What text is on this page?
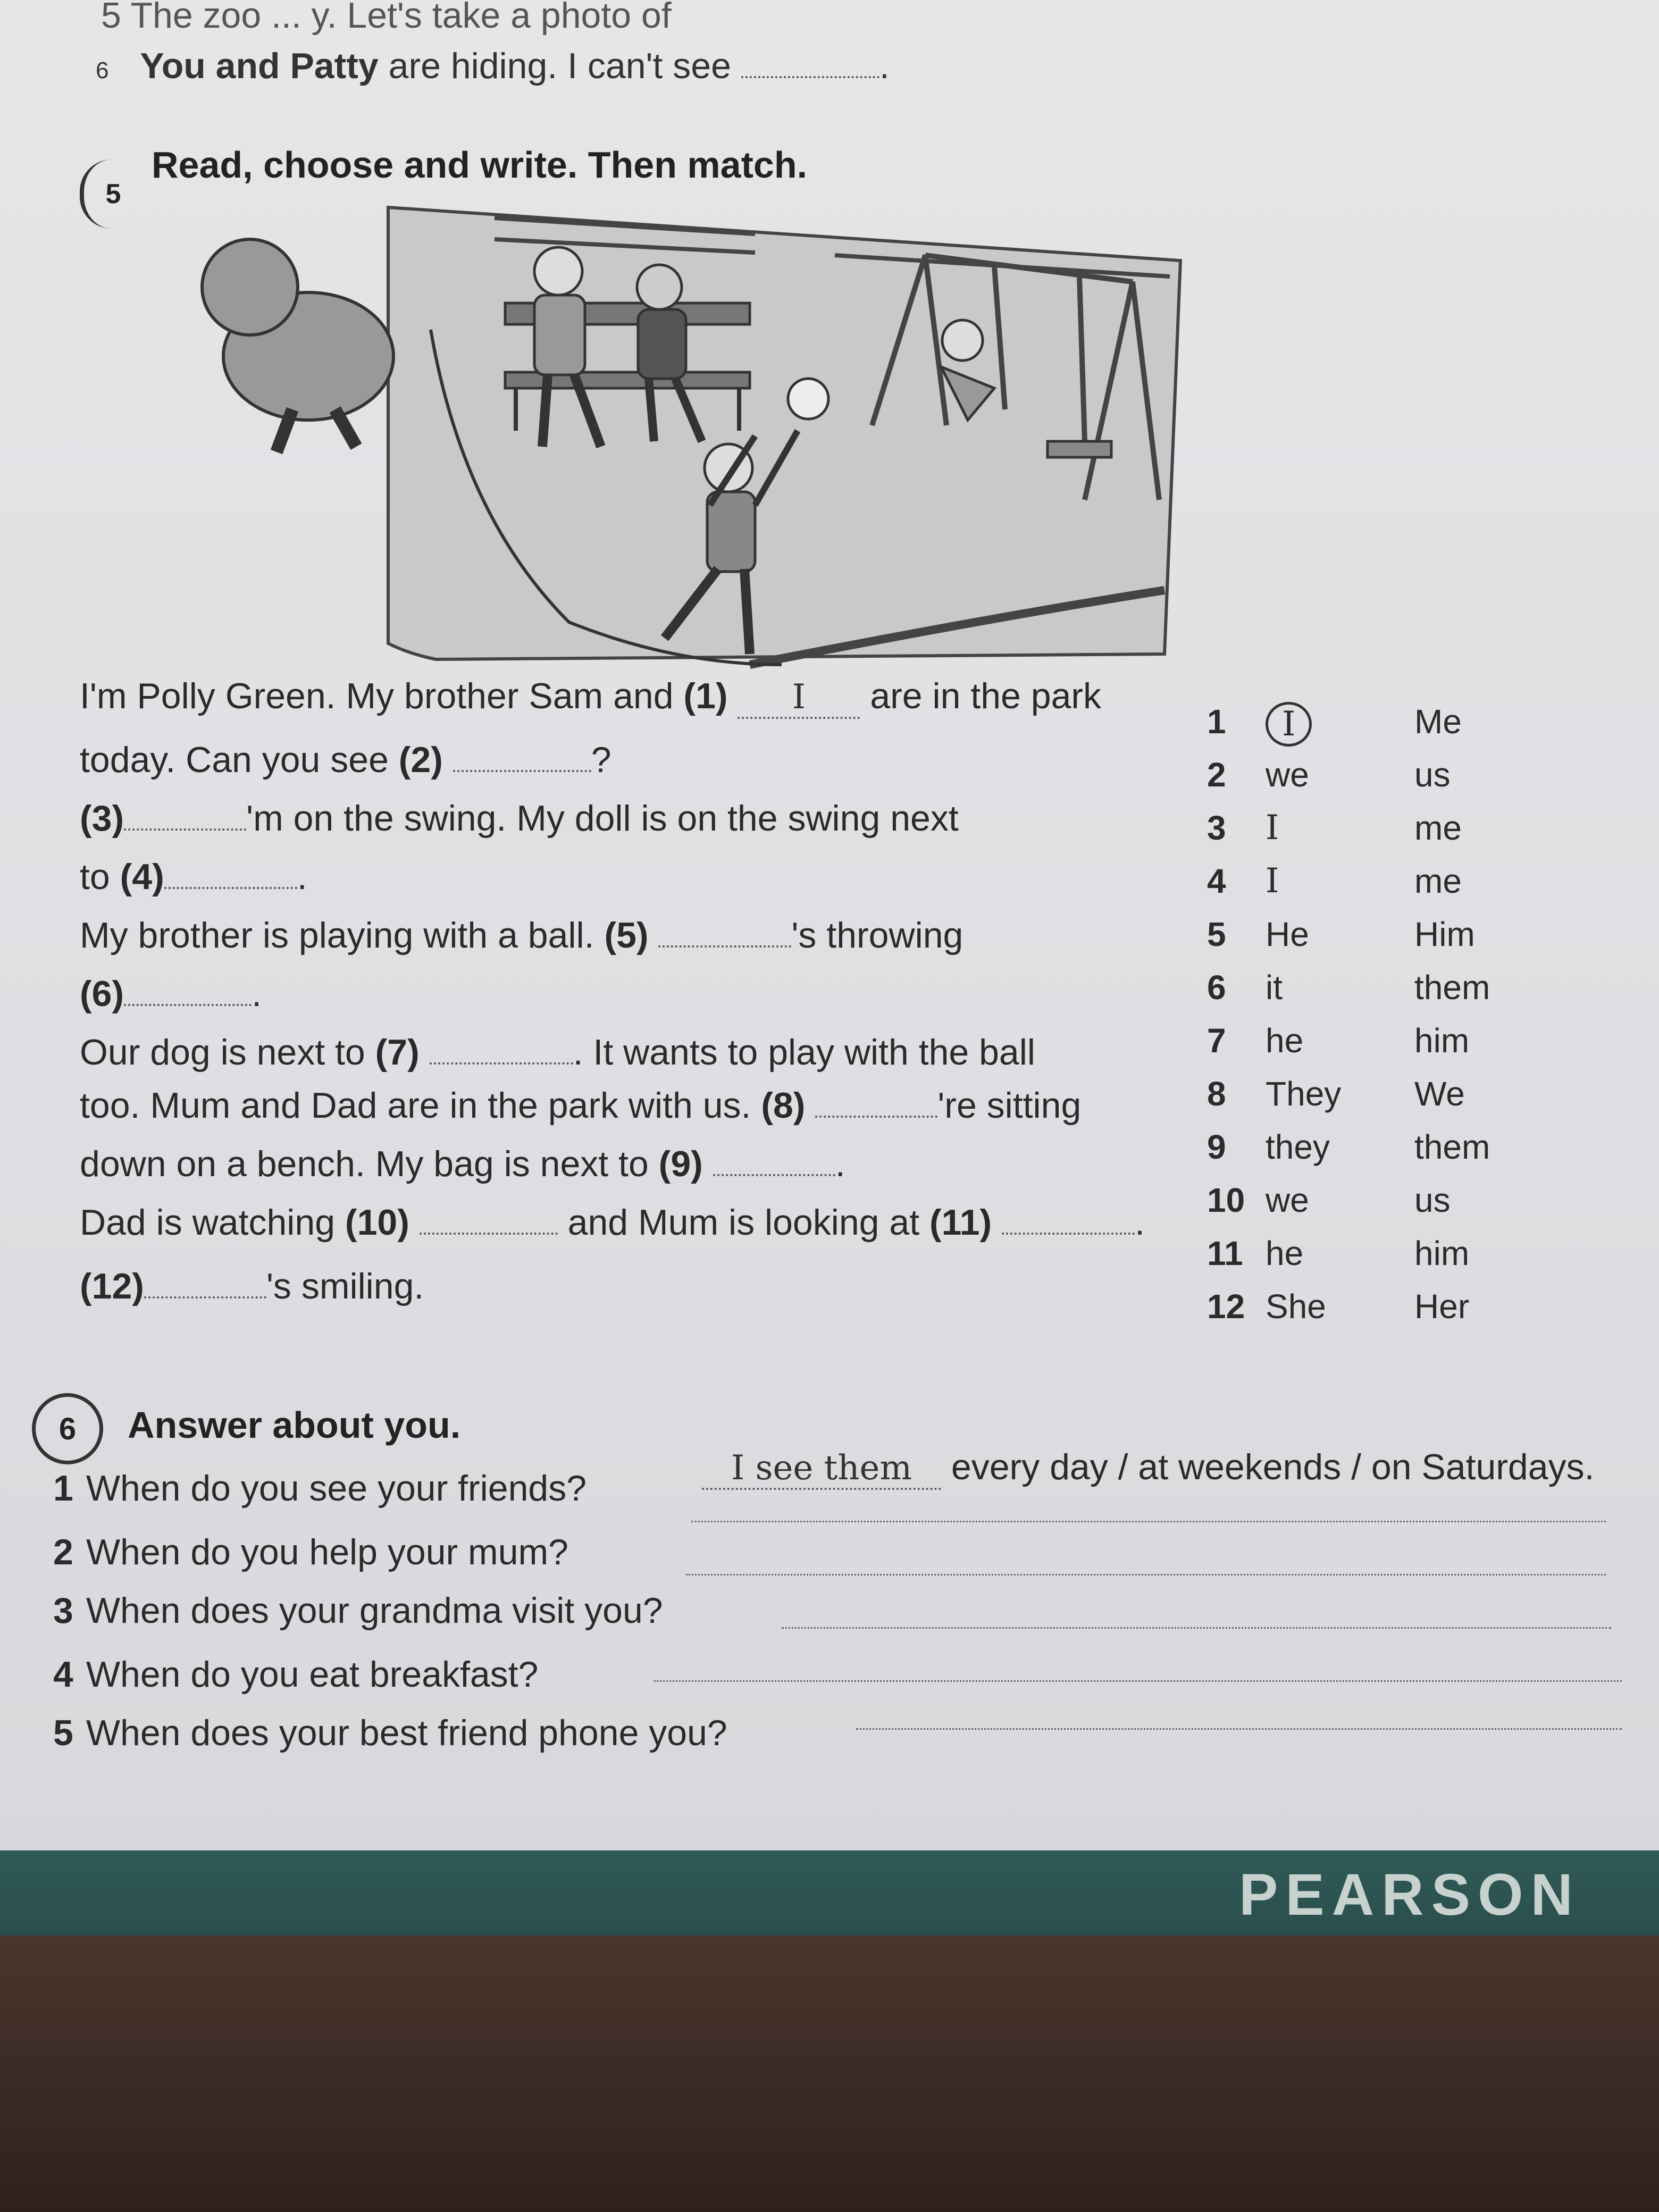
5 The zoo ... y. Let's take a photo of
6 You and Patty are hiding. I can't see	.
5
Read, choose and write. Then match.
I'm Polly Green. My brother Sam and (1) I are in the park
today. Can you see (2)	?
(3)	'm on the swing. My doll is on the swing next
to (4)	.
My brother is playing with a ball. (5)	's throwing
(6)	.
Our dog is next to (7)	. It wants to play with the ball
too. Mum and Dad are in the park with us. (8)	're sitting
down on a bench. My bag is next to (9)	.
Dad is watching (10)	and Mum is looking at (11)	.
(12)	's smiling.
1	I	Me
2	we	us
3	I	me
4	I	me
5	He	Him
6	it	them
7	he	him
8	They We
9	they them
10 we	us
11 he	him
12 She	Her
6	Answer about you.
1 When do you see your friends?	I see them every day / at weekends / on Saturdays.
2 When do you help your mum?
3 When does your grandma visit you?
4 When do you eat breakfast?
5 When does your best friend phone you?
PEARSON
